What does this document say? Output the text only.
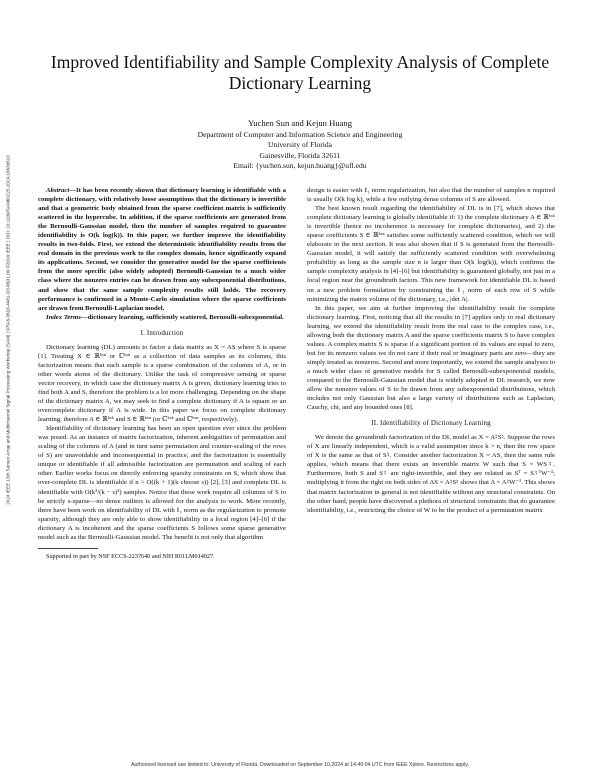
Improved Identifiability and Sample Complexity Analysis of Complete Dictionary Learning
Yuchen Sun and Kejun Huang
Department of Computer and Information Science and Engineering
University of Florida
Gainesville, Florida 32611
Email: {yuchen.sun, kejun.huang}@ufl.edu
2024 IEEE 13th Sensor Array and Multichannel Signal Processing Workshop (SAM) | 979-8-3503-4481-3/24/$31.00 ©2024 IEEE | DOI: 10.1109/SAM60225.2024.10636510	Abstract—It has been recently shown that dictionary learning is identifiable with a complete dictionary, with relatively loose assumptions that the dictionary is invertible and that a geometric body obtained from the sparse coefficient matrix is sufficiently scattered in the hypercube. In addition, if the sparse coefficients are generated from the Bernoulli-Gaussian model, then the number of samples required to guarantee identifiability is O(k log(k)). In this paper, we further improve the identifiability results in two-folds. First, we extend the deterministic identifiability results from the real domain in the previous work to the complex domain, hence significantly expand its applications. Second, we consider the generative model for the sparse coefficients from the more specific (also widely adopted) Bernoulli-Gaussian to a much wider class where the nonzero entries can be drawn from any subexponential distributions, and show that the same sample complexity results still holds. The recovery performance is confirmed in a Monte-Carlo simulation where the sparse coefficients are drawn from Bernoulli-Laplacian model.

Index Terms—dictionary learning, sufficiently scattered, Bernoulli-subexponential.

I. Introduction

Dictionary learning (DL) amounts to factor a data matrix as X = AS where S is sparse [1]. Treating X ∈ ℝᵏˣⁿ or ℂᵏˣⁿ as a collection of data samples as its columns, this factorization means that each sample is a sparse combination of the columns of A, or in other words atoms of the dictionary. Unlike the task of compressive sensing or sparse vector recovery, in which case the dictionary matrix A is given, dictionary learning tries to find both A and S, therefore the problem is a lot more challenging. Depending on the shape of the dictionary matrix A, we may seek to find a complete dictionary if A is square or an overcomplete dictionary if A is wide. In this paper we focus on complete dictionary learning, therefore A ∈ ℝᵏˣᵏ and S ∈ ℝᵏˣⁿ (or ℂᵏˣᵏ and ℂᵏˣⁿ, respectively).

Identifiability of dictionary learning has been an open question ever since the problem was posed. As an instance of matrix factorization, inherent ambiguities of permutation and scaling of the columns of A (and in turn same permutation and counter-scaling of the rows of S) are unavoidable and inconsequential in practice, and the factorization is essentially unique or identifiable if all admissible factorization are permutation and scaling of each other. Earlier works focus on directly enforcing sparsity constraints on S, which show that over-complete DL is identifiable if n > O((k + 1)(k choose s)) [2], [3] and complete DL is identifiable with O(k³/(k − s)²) samples. Notice that these work require all columns of S to be strictly s-sparse—no dense outliers is allowed for the analysis to work. More recently, there have been work on identifiability of DL with ℓ₁ norm as the regularization to promote sparsity, although they are only able to show identifiability in a local region [4]–[6] if the dictionary A is incoherent and the sparse coefficients S follows some sparse generative model such as the Bernoulli-Gaussian model. The benefit is not only that algorithm

Supported in part by NSF ECCS-2237640 and NIH R01LM014027.

design is easier with ℓ₁ norm regularization, but also that the number of samples n required is usually O(k log k), while a few outlying dense columns of S are allowed.

The best known result regarding the identifiability of DL is in [7], which shows that complete dictionary learning is globally identifiable if: 1) the complete dictionary A ∈ ℝᵏˣᵏ is invertible (hence no incoherence is necessary for complete dictionaries), and 2) the sparse coefficients S ∈ ℝᵏˣⁿ satisfies some sufficiently scattered condition, which we will elaborate in the next section. It was also shown that if S is generated from the Bernoulli-Gaussian model, it will satisfy the sufficiently scattered condition with overwhelming probability as long as the sample size n is larger than O(k log(k)), which confirms the sample complexity analysis in [4]–[6] but identifiability is guaranteed globally, not just in a local region near the groundtruth factors. This new framework for identifiable DL is based on a new problem formulation by constraining the ℓ₁ norm of each row of S while minimizing the matrix volume of the dictionary, i.e., |det A|.

In this paper, we aim at further improving the identifiability result for complete dictionary learning. First, noticing that all the results in [7] applies only to real dictionary learning, we extend the identifiability result from the real case to the complex case, i.e., allowing both the dictionary matrix A and the sparse coefficients matrix S to have complex values. A complex matrix S is sparse if a significant portion of its values are equal to zero, but for its nonzero values we do not care if their real or imaginary parts are zero—they are simply treated as nonzeros. Second and more importantly, we extend the sample analyses to a much wider class of generative models for S called Bernoulli-subexponential models; compared to the Bernoulli-Gaussian model that is widely adopted in DL research, we now allow the nonzero values of S to be drawn from any subexponential distributions, which includes not only Gaussian but also a large variety of distributions such as Laplacian, Cauchy, chi, and any bounded ones [8].

II. Identifiability of Dictionary Learning

We denote the groundtruth factorization of the DL model as X = A♮S♮. Suppose the rows of X are linearly independent, which is a valid assumption since k > n, then the row space of X is the same as that of S♮. Consider another factorization X = AS, then the same rule applies, which means that there exists an invertible matrix W such that S = WS♮. Furthermore, both S and S♮ are right-invertible, and they are related as Sᵀ = S♮ᵀW⁻¹; multiplying it from the right on both sides of AS = A♮S♮ shows that A = A♮W⁻¹. This shows that matrix factorization in general is not identifiable without any structural constraints. On the other hand, people have discovered a plethora of structural constraints that do guarantee identifiability, i.e., restricting the choice of W to be the product of a permutation matrix

Authorized licensed use limited to: University of Florida. Downloaded on September 10,2024 at 14:40:04 UTC from IEEE Xplore. Restrictions apply.
